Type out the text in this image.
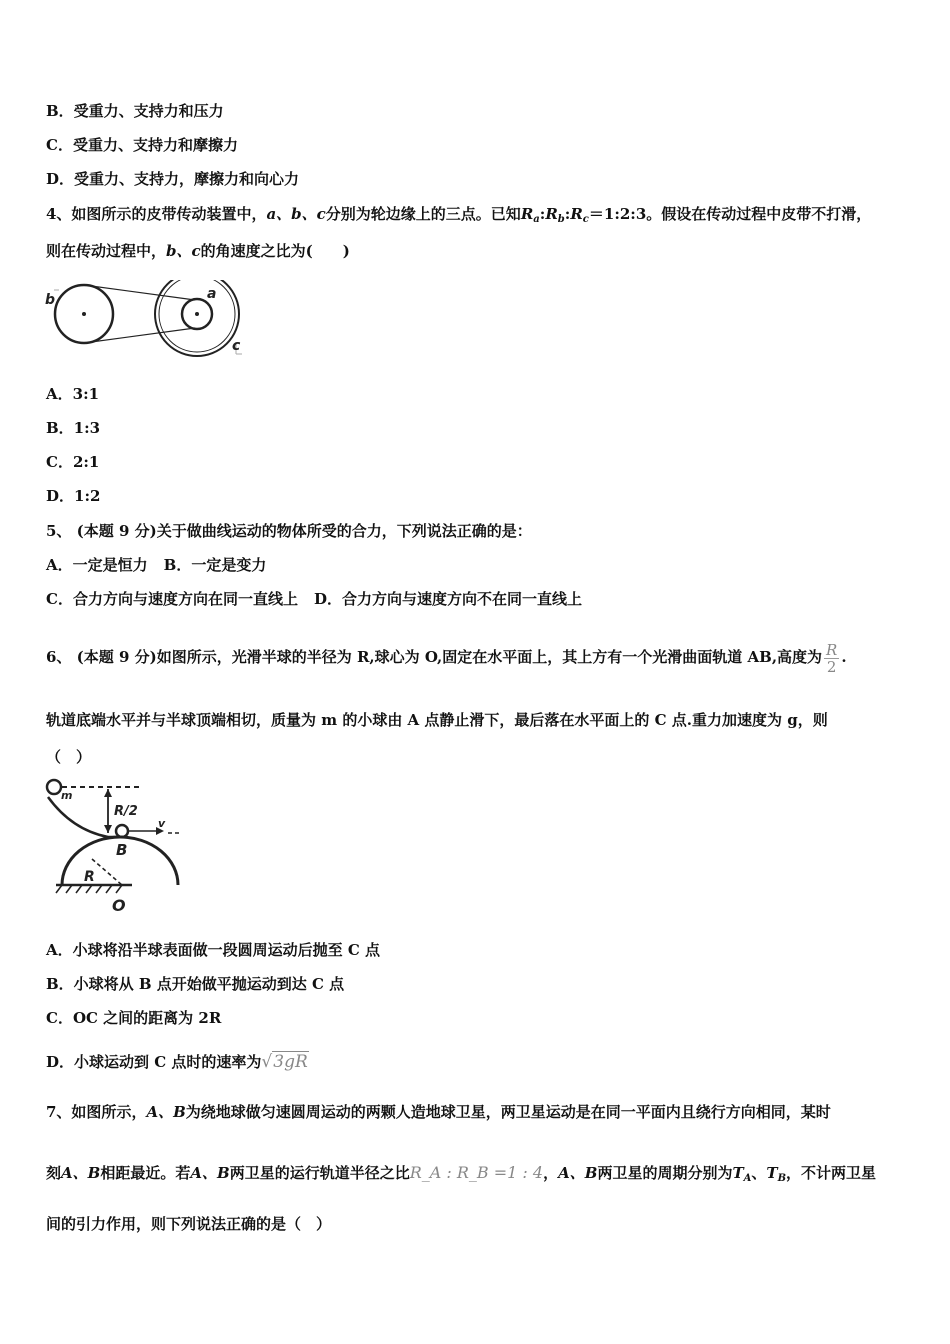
B．受重力、支持力和压力
C．受重力、支持力和摩擦力
D．受重力、支持力，摩擦力和向心力
4、如图所示的皮带传动装置中，a、b、c分别为轮边缘上的三点。已知$R_a:R_b:R_c=1:2:3$。假设在传动过程中皮带不打滑，
则在传动过程中，b、c的角速度之比为(　　)
b	a
c
A．3:1
B．1:3
C．2:1
D．1:2
5、 (本题 9 分)关于做曲线运动的物体所受的合力，下列说法正确的是：
A．一定是恒力 B．一定是变力
C．合力方向与速度方向在同一直线上 D．合力方向与速度方向不在同一直线上
6、 (本题 9 分)如图所示，光滑半球的半径为 R,球心为 O,固定在水平面上，其上方有一个光滑曲面轨道 AB,高度为 $\frac{R}{2}$ .
轨道底端水平并与半球顶端相切，质量为 m 的小球由 A 点静止滑下，最后落在水平面上的 C 点.重力加速度为 g，则
（　）
m
R/2
v
B
R
O
A．小球将沿半球表面做一段圆周运动后抛至 C 点
B．小球将从 B 点开始做平抛运动到达 C 点
C．OC 之间的距离为 2R
D．小球运动到 C 点时的速率为√3gR
7、如图所示，A、B为绕地球做匀速圆周运动的两颗人造地球卫星，两卫星运动是在同一平面内且绕行方向相同，某时
刻A、B相距最近。若A、B两卫星的运行轨道半径之比R_A : R_B =1 : 4，A、B两卫星的周期分别为$T_A$、$T_B$，不计两卫星
间的引力作用，则下列说法正确的是（　）
